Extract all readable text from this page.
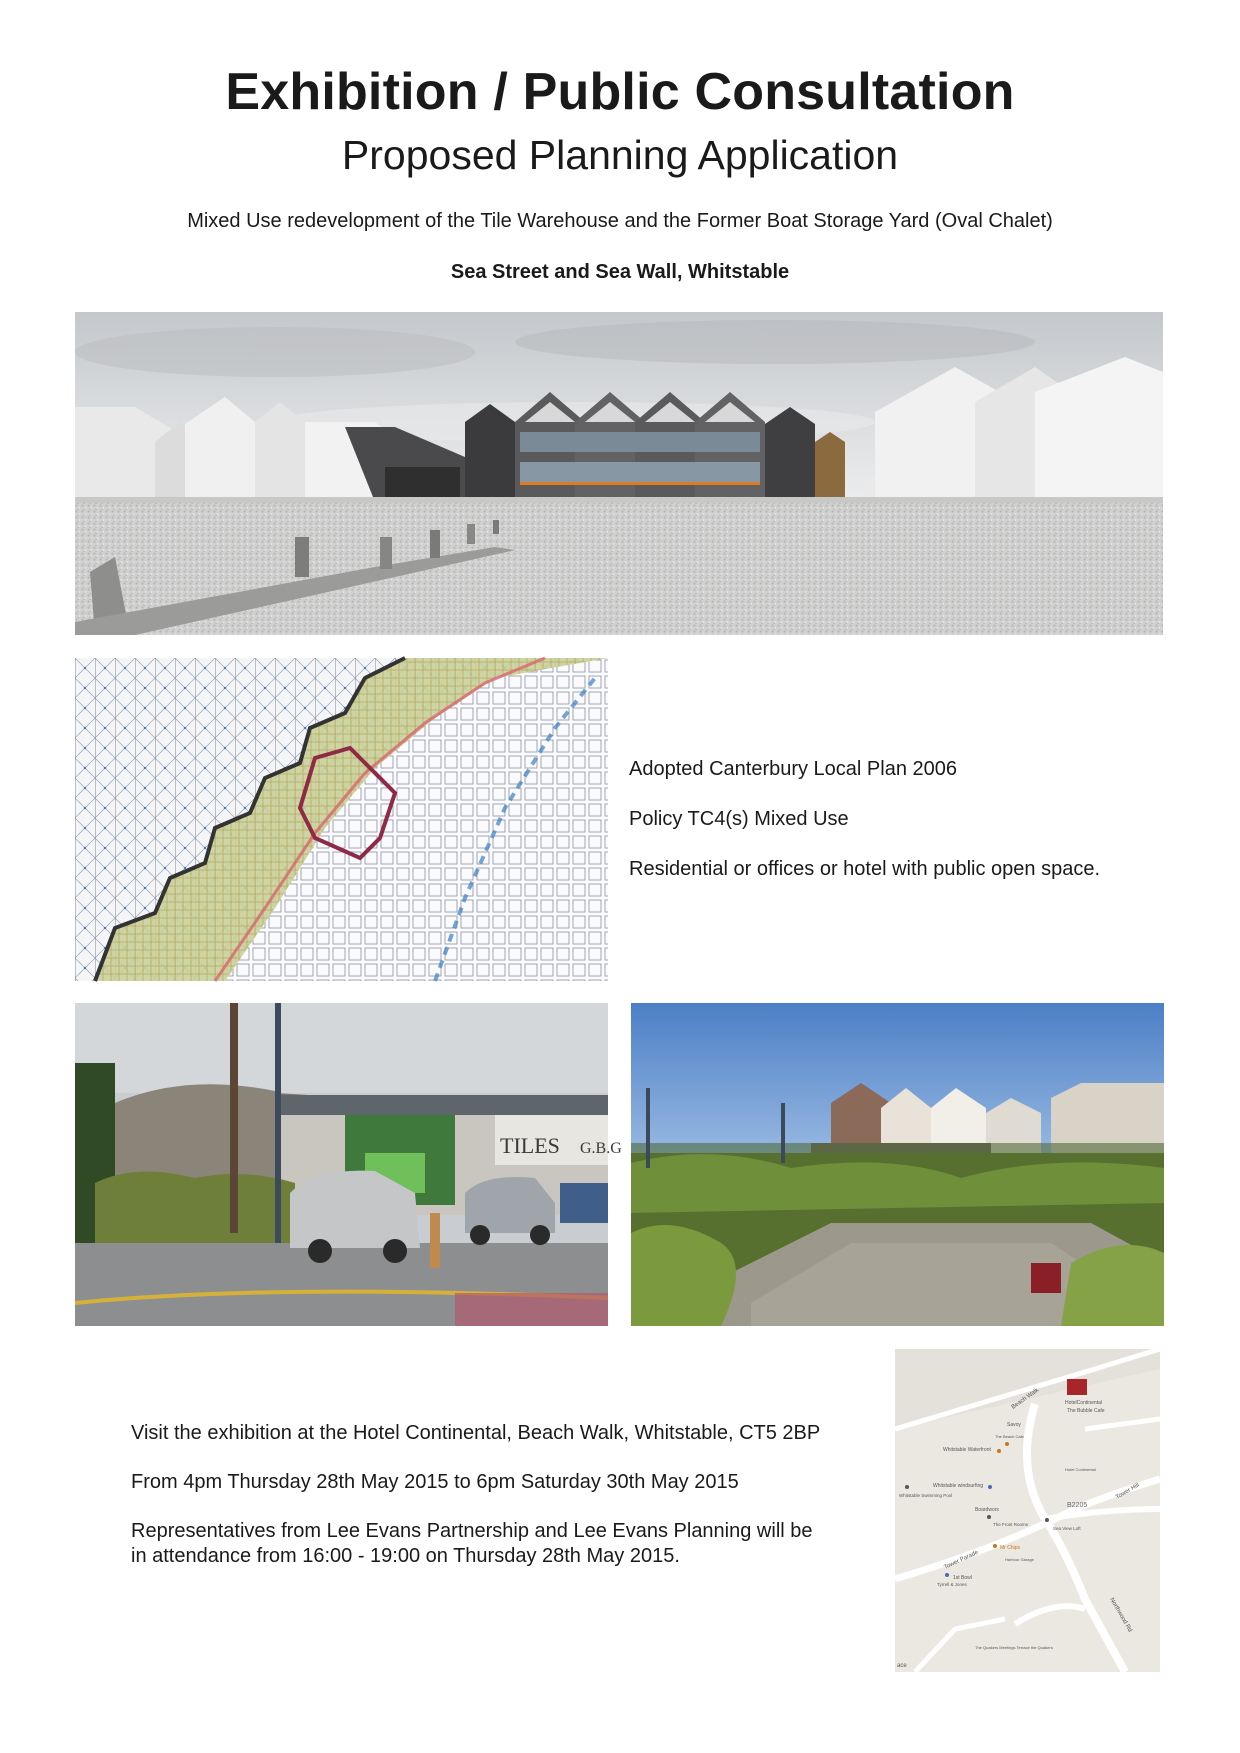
Exhibition / Public Consultation
Proposed Planning Application
Mixed Use redevelopment of the Tile Warehouse and the Former Boat Storage Yard (Oval Chalet)
Sea Street and Sea Wall, Whitstable

Adopted Canterbury Local Plan 2006

Policy TC4(s) Mixed Use

Residential or offices or hotel with public open space.

TILES G.B.G

Visit the exhibition at the Hotel Continental, Beach Walk, Whitstable, CT5 2BP

From 4pm Thursday 28th May 2015 to 6pm Saturday 30th May 2015

Representatives from Lee Evans Partnership and Lee Evans Planning will be
in attendance from 16:00 - 19:00 on Thursday 28th May 2015.

Beach Walk	HotelContinental
The Bubble Cafe
Savoy
The Beach Cafe
Whitstable Waterfront
Hotel Continental
Whitstable windsurfing
Whitstable Swimming Pool
Boardwors
B2205
Tower Hill
The Front Rooms
Sea View Loft
Mr Chips
Harbour Garage
Tower Parade
1st Bowl
Tyrrell & Jones
Northwood Rd
The Quakers Meetings Terrace the Quakers
ace
